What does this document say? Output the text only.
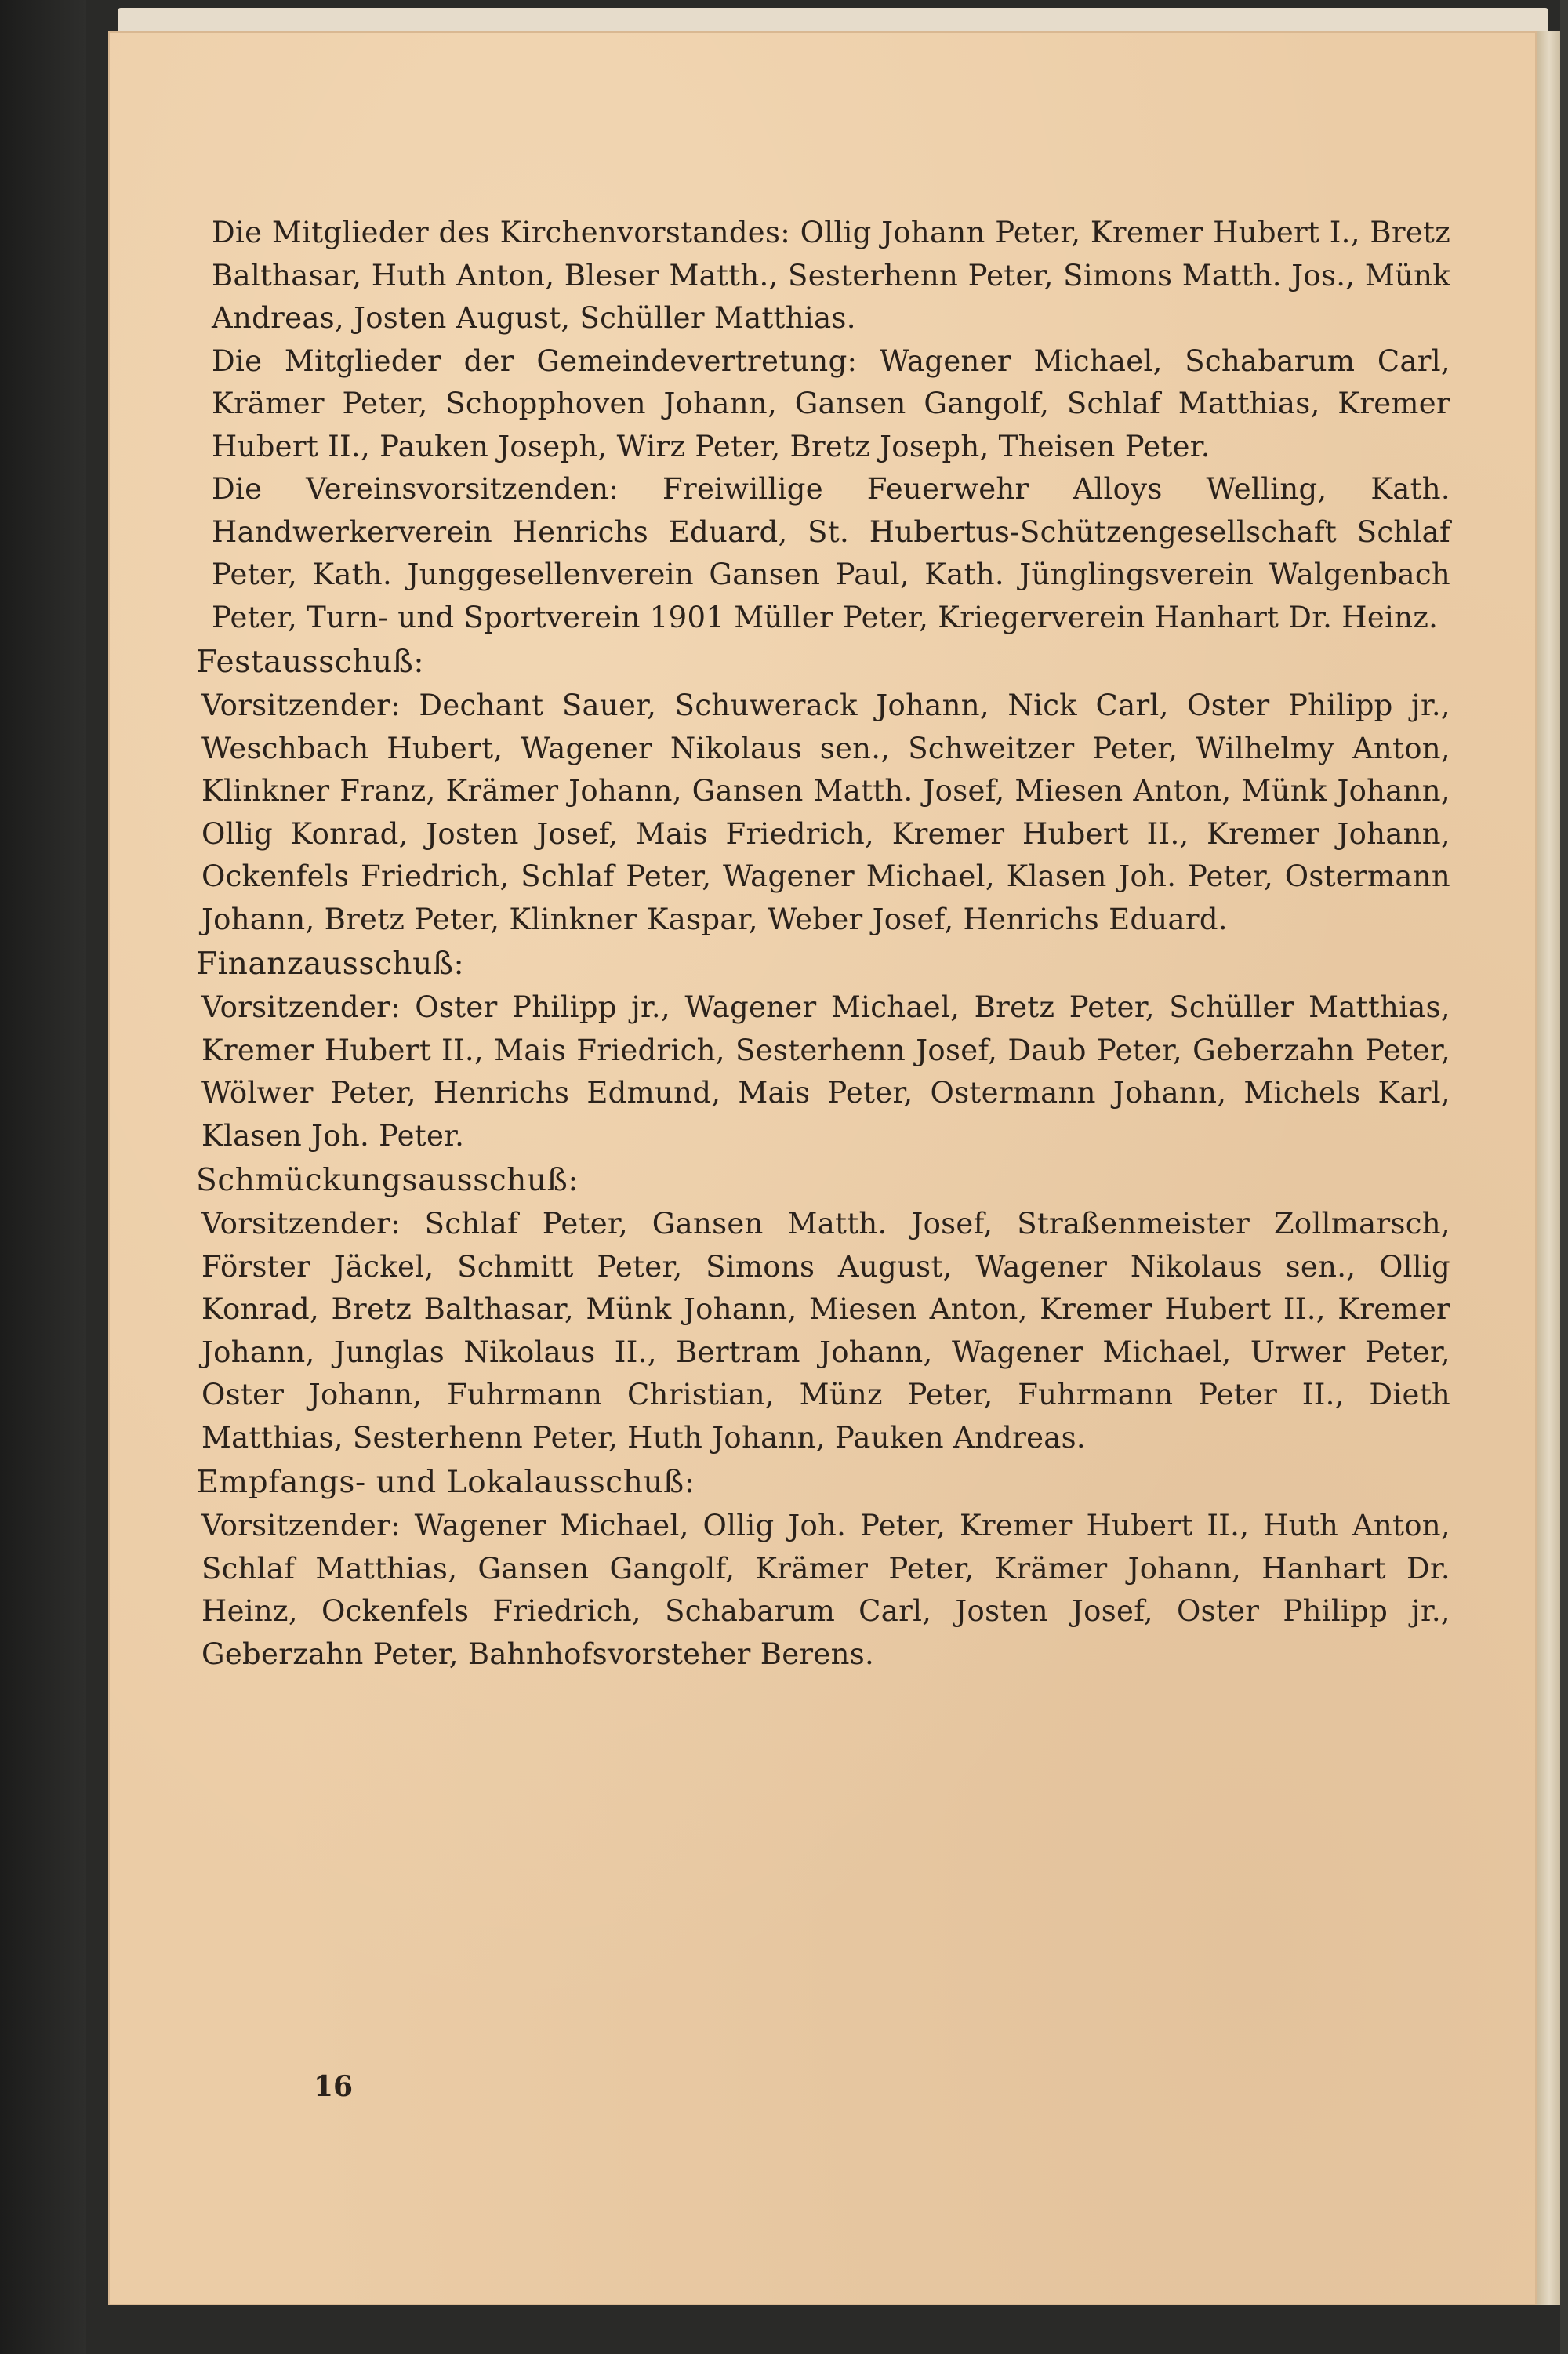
Die Mitglieder des Kirchenvorstandes: Ollig Johann Peter, Kremer Hubert I., Bretz Balthasar, Huth Anton, Bleser Matth., Sesterhenn Peter, Simons Matth. Jos., Münk Andreas, Josten August, Schüller Matthias.

Die Mitglieder der Gemeindevertretung: Wagener Michael, Schabarum Carl, Krämer Peter, Schopphoven Johann, Gansen Gangolf, Schlaf Matthias, Kremer Hubert II., Pauken Joseph, Wirz Peter, Bretz Joseph, Theisen Peter.

Die Vereinsvorsitzenden: Freiwillige Feuerwehr Alloys Welling, Kath. Handwerkerverein Henrichs Eduard, St. Hubertus-Schützengesellschaft Schlaf Peter, Kath. Junggesellenverein Gansen Paul, Kath. Jünglingsverein Walgenbach Peter, Turn- und Sportverein 1901 Müller Peter, Kriegerverein Hanhart Dr. Heinz.

Festausschuß:

Vorsitzender: Dechant Sauer, Schuwerack Johann, Nick Carl, Oster Philipp jr., Weschbach Hubert, Wagener Nikolaus sen., Schweitzer Peter, Wilhelmy Anton, Klinkner Franz, Krämer Johann, Gansen Matth. Josef, Miesen Anton, Münk Johann, Ollig Konrad, Josten Josef, Mais Friedrich, Kremer Hubert II., Kremer Johann, Ockenfels Friedrich, Schlaf Peter, Wagener Michael, Klasen Joh. Peter, Ostermann Johann, Bretz Peter, Klinkner Kaspar, Weber Josef, Henrichs Eduard.

Finanzausschuß:

Vorsitzender: Oster Philipp jr., Wagener Michael, Bretz Peter, Schüller Matthias, Kremer Hubert II., Mais Friedrich, Sesterhenn Josef, Daub Peter, Geberzahn Peter, Wölwer Peter, Henrichs Edmund, Mais Peter, Ostermann Johann, Michels Karl, Klasen Joh. Peter.

Schmückungsausschuß:

Vorsitzender: Schlaf Peter, Gansen Matth. Josef, Straßenmeister Zollmarsch, Förster Jäckel, Schmitt Peter, Simons August, Wagener Nikolaus sen., Ollig Konrad, Bretz Balthasar, Münk Johann, Miesen Anton, Kremer Hubert II., Kremer Johann, Junglas Nikolaus II., Bertram Johann, Wagener Michael, Urwer Peter, Oster Johann, Fuhrmann Christian, Münz Peter, Fuhrmann Peter II., Dieth Matthias, Sesterhenn Peter, Huth Johann, Pauken Andreas.

Empfangs- und Lokalausschuß:

Vorsitzender: Wagener Michael, Ollig Joh. Peter, Kremer Hubert II., Huth Anton, Schlaf Matthias, Gansen Gangolf, Krämer Peter, Krämer Johann, Hanhart Dr. Heinz, Ockenfels Friedrich, Schabarum Carl, Josten Josef, Oster Philipp jr., Geberzahn Peter, Bahnhofsvorsteher Berens.

16
